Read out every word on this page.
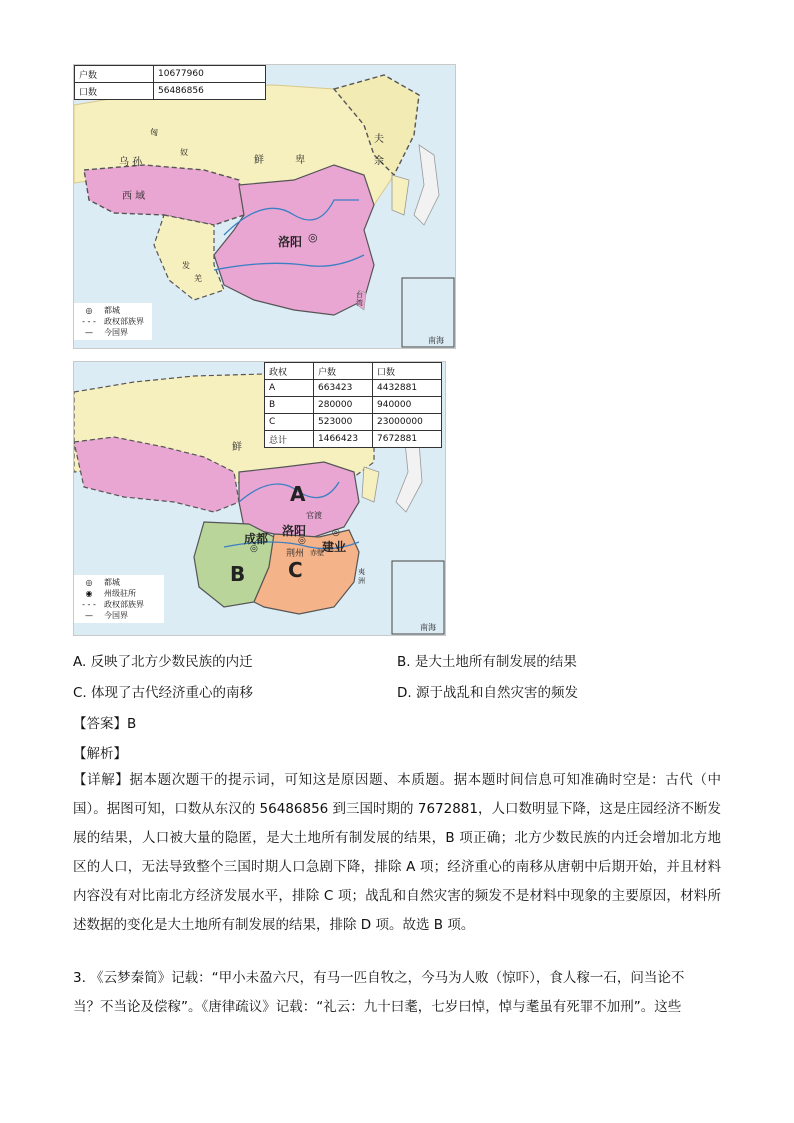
户数	10677960
口数	56486856
乌 孙
西 域
匈
奴
鲜 卑
夫 余
洛阳 ◎
羌
发
台湾
南海
◎	都城
- - -	政权部族界
—	今国界
政权	户数	口数
A	663423	4432881
B	280000	940000
C	523000	23000000
总计	1466423	7672881
鲜
A
官渡
洛阳
◎
成都
◎	荆州 赤壁
建业
◎
B C	夷洲
南海
◎	都城
◉	州级驻所
- - -	政权部族界
—	今国界
A. 反映了北方少数民族的内迁	B. 是大土地所有制发展的结果
C. 体现了古代经济重心的南移	D. 源于战乱和自然灾害的频发
【答案】B
【解析】
【详解】据本题次题干的提示词，可知这是原因题、本质题。据本题时间信息可知准确时空是：古代（中国）。据图可知，口数从东汉的 56486856 到三国时期的 7672881，人口数明显下降，这是庄园经济不断发展的结果，人口被大量的隐匿，是大土地所有制发展的结果，B 项正确；北方少数民族的内迁会增加北方地区的人口，无法导致整个三国时期人口急剧下降，排除 A 项；经济重心的南移从唐朝中后期开始，并且材料内容没有对比南北方经济发展水平，排除 C 项；战乱和自然灾害的频发不是材料中现象的主要原因，材料所述数据的变化是大土地所有制发展的结果，排除 D 项。故选 B 项。
3. 《云梦秦简》记载：“甲小未盈六尺，有马一匹自牧之，今马为人败（惊吓），食人稼一石，问当论不
当？不当论及偿稼”。《唐律疏议》记载：“礼云：九十曰耄，七岁曰悼，悼与耄虽有死罪不加刑”。这些
